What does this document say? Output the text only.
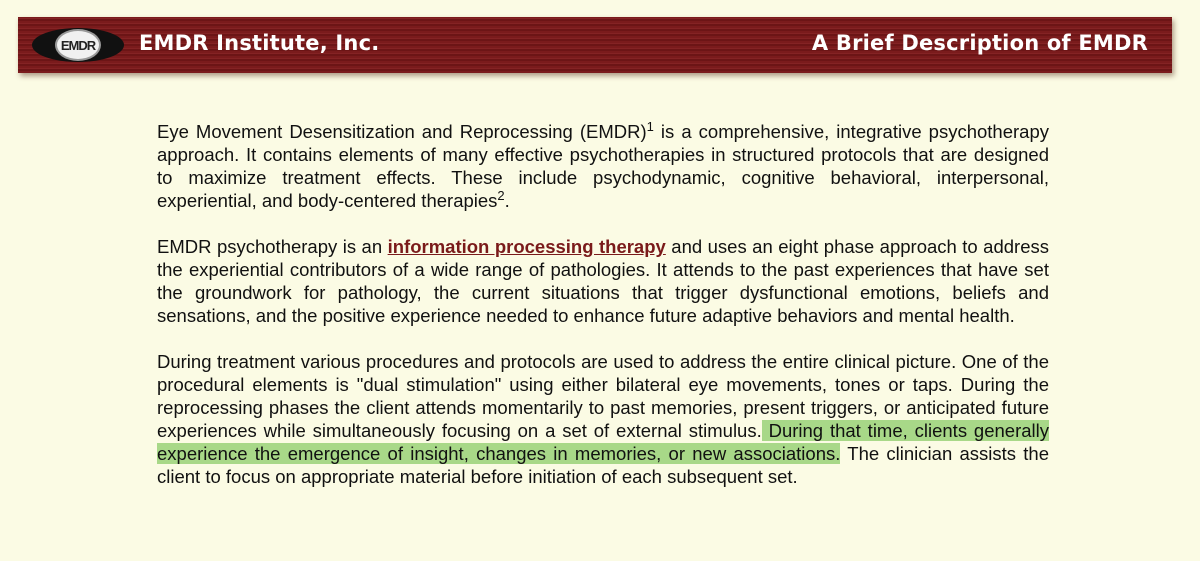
EMDR EMDR Institute, Inc.	A Brief Description of EMDR

Eye Movement Desensitization and Reprocessing (EMDR)$^1$ is a comprehensive, integrative psychotherapy approach. It contains elements of many effective psychotherapies in structured protocols that are designed to maximize treatment effects. These include psychodynamic, cognitive behavioral, interpersonal, experiential, and body-centered therapies$^2$.

EMDR psychotherapy is an information processing therapy and uses an eight phase approach to address the experiential contributors of a wide range of pathologies. It attends to the past experiences that have set the groundwork for pathology, the current situations that trigger dysfunctional emotions, beliefs and sensations, and the positive experience needed to enhance future adaptive behaviors and mental health.

During treatment various procedures and protocols are used to address the entire clinical picture. One of the procedural elements is "dual stimulation" using either bilateral eye movements, tones or taps. During the reprocessing phases the client attends momentarily to past memories, present triggers, or anticipated future experiences while simultaneously focusing on a set of external stimulus. During that time, clients generally experience the emergence of insight, changes in memories, or new associations. The clinician assists the client to focus on appropriate material before initiation of each subsequent set.
